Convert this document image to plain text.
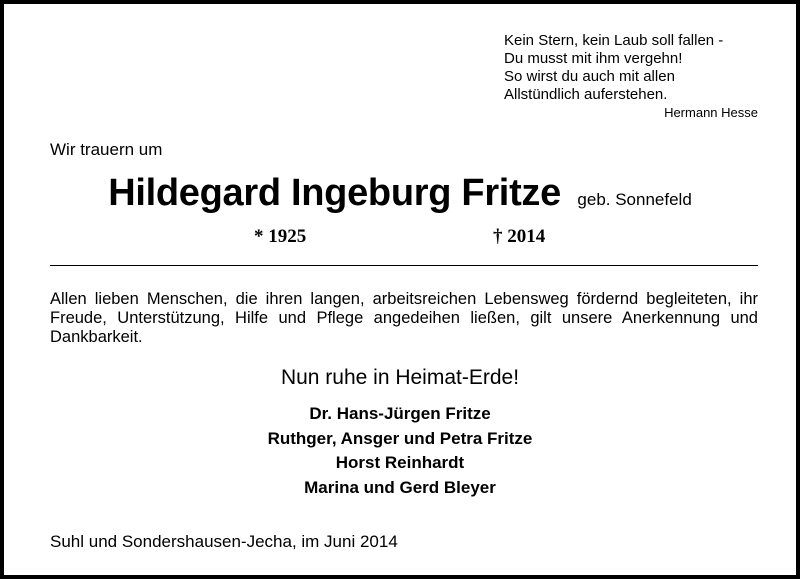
Kein Stern, kein Laub soll fallen -
Du musst mit ihm vergehn!
So wirst du auch mit allen
Allstündlich auferstehen.
Hermann Hesse
Wir trauern um
Hildegard Ingeburg Fritze geb. Sonnefeld
* 1925	† 2014
Allen lieben Menschen, die ihren langen, arbeitsreichen Lebensweg fördernd begleiteten, ihr Freude, Unterstützung, Hilfe und Pflege angedeihen ließen, gilt unsere Anerkennung und Dankbarkeit.
Nun ruhe in Heimat-Erde!
Dr. Hans-Jürgen Fritze
Ruthger, Ansger und Petra Fritze
Horst Reinhardt
Marina und Gerd Bleyer
Suhl und Sondershausen-Jecha, im Juni 2014
